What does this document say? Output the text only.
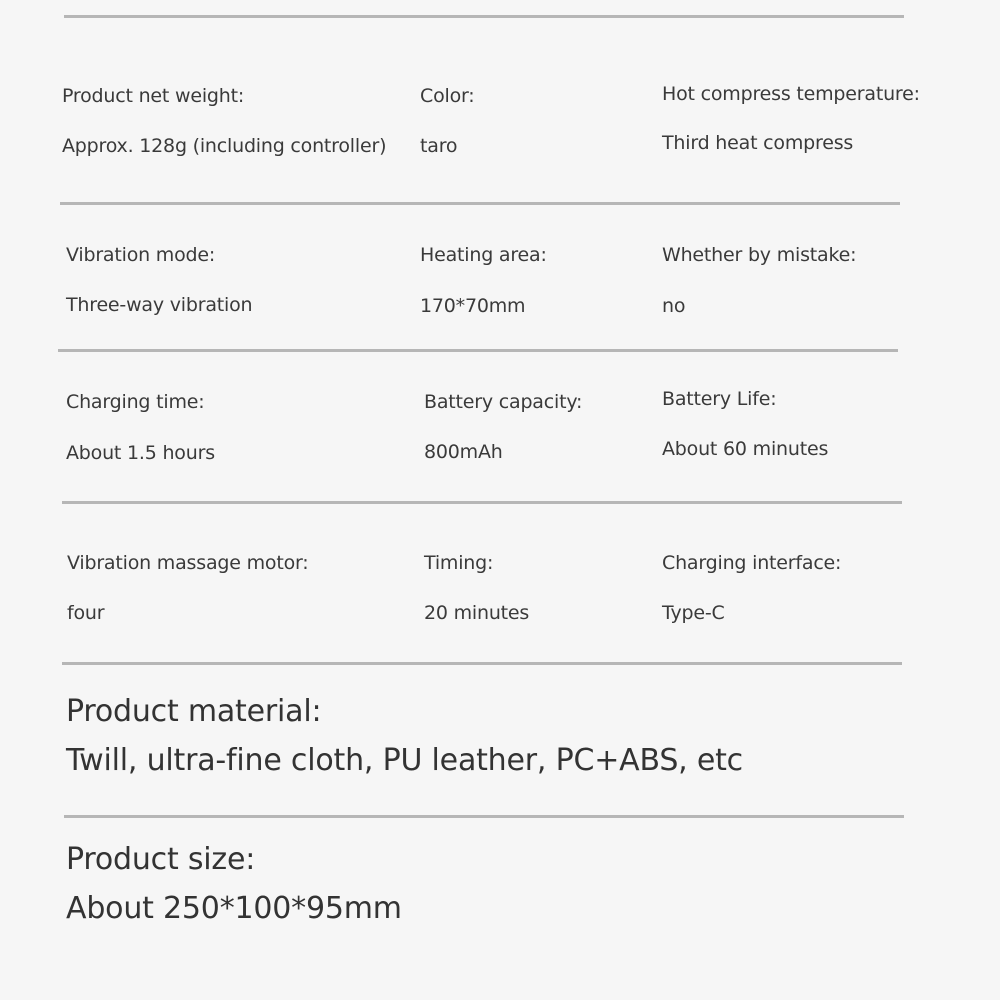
Product net weight:
Approx. 128g (including controller)
Color:
taro
Hot compress temperature:
Third heat compress
Vibration mode:
Three-way vibration
Heating area:
170*70mm
Whether by mistake:
no
Charging time:
About 1.5 hours
Battery capacity:
800mAh
Battery Life:
About 60 minutes
Vibration massage motor:
four
Timing:
20 minutes
Charging interface:
Type-C
Product material:
Twill, ultra-fine cloth, PU leather, PC+ABS, etc
Product size:
About 250*100*95mm
